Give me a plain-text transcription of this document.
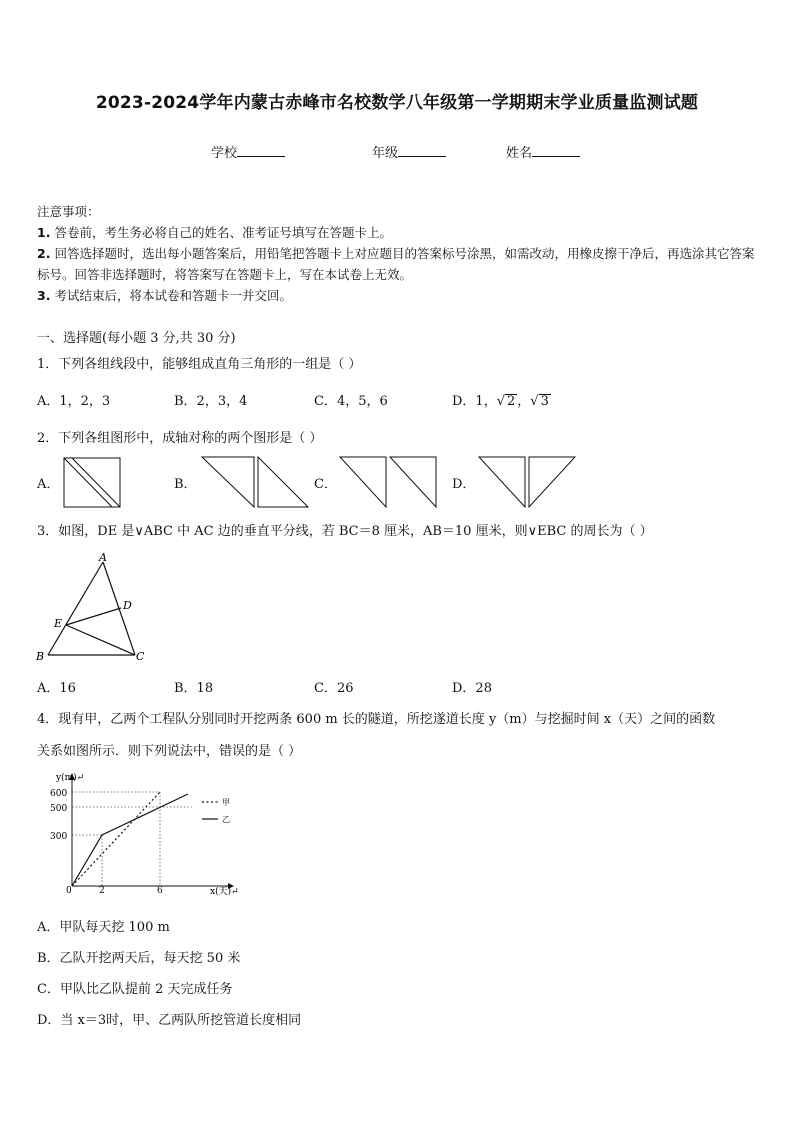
2023-2024学年内蒙古赤峰市名校数学八年级第一学期期末学业质量监测试题
学校	年级	姓名
注意事项：
1. 答卷前，考生务必将自己的姓名、准考证号填写在答题卡上。
2. 回答选择题时，选出每小题答案后，用铅笔把答题卡上对应题目的答案标号涂黑，如需改动，用橡皮擦干净后，再选涂其它答案标号。回答非选择题时，将答案写在答题卡上，写在本试卷上无效。
3. 考试结束后，将本试卷和答题卡一并交回。
一、选择题(每小题 3 分,共 30 分)
1．下列各组线段中，能够组成直角三角形的一组是（ ）
A．1，2，3	B．2，3，4	C．4，5，6	D．1，√ 2 ，√ 3
2．下列各组图形中，成轴对称的两个图形是（ ）
A．	B．	C．	D．
3．如图，DE 是∨ABC 中 AC 边的垂直平分线，若 BC＝8 厘米，AB＝10 厘米，则∨EBC 的周长为（ ）
A
B	C
D
E
A．16	B．18	C．26	D．28
4．现有甲，乙两个工程队分别同时开挖两条 600 m 长的隧道，所挖遂道长度 y（m）与挖掘时间 x（天）之间的函数
关系如图所示．则下列说法中，错误的是（ ）
y(m)↵
x(天)↵
600
500
300
0	2	6
甲
乙
A．甲队每天挖 100 m
B．乙队开挖两天后，每天挖 50 米
C．甲队比乙队提前 2 天完成任务
D．当 x＝3时，甲、乙两队所挖管道长度相同
